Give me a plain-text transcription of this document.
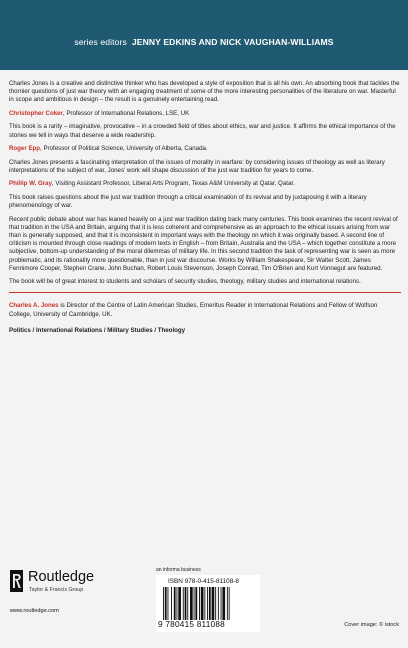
series editors JENNY EDKINS AND NICK VAUGHAN-WILLIAMS

Charles Jones is a creative and distinctive thinker who has developed a style of exposition that is all his own. An absorbing book that tackles the thornier questions of just war theory with an engaging treatment of some of the more interesting personalities of the literature on war. Masterful in scope and ambitious in design – the result is a genuinely entertaining read.

Christopher Coker, Professor of International Relations, LSE, UK

This book is a rarity – imaginative, provocative – in a crowded field of titles about ethics, war and justice. It affirms the ethical importance of the stories we tell in ways that deserve a wide readership.

Roger Epp, Professor of Political Science, University of Alberta, Canada.

Charles Jones presents a fascinating interpretation of the issues of morality in warfare: by considering issues of theology as well as literary interpretations of the subject of war, Jones' work will shape discussion of the just war tradition for years to come.

Phillip W. Gray, Visiting Assistant Professor, Liberal Arts Program, Texas A&M University at Qatar, Qatar.

This book raises questions about the just war tradition through a critical examination of its revival and by juxtaposing it with a literary phenomenology of war.

Recent public debate about war has leaned heavily on a just war tradition dating back many centuries. This book examines the recent revival of that tradition in the USA and Britain, arguing that it is less coherent and comprehensive as an approach to the ethical issues arising from war than is generally supposed, and that it is inconsistent in important ways with the theology on which it was originally based. A second line of criticism is mounted through close readings of modern texts in English – from Britain, Australia and the USA – which together constitute a more subjective, bottom-up understanding of the moral dilemmas of military life. In this second tradition the task of representing war is seen as more problematic, and its rationality more questionable, than in just war discourse. Works by William Shakespeare, Sir Walter Scott, James Fennimore Cooper, Stephen Crane, John Buchan, Robert Louis Stevenson, Joseph Conrad, Tim O'Brien and Kurt Vonnegut are featured.

The book will be of great interest to students and scholars of security studies, theology, military studies and international relations.

Charles A. Jones is Director of the Centre of Latin American Studies, Emeritus Reader in International Relations and Fellow of Wolfson College, University of Cambridge, UK.

Politics / International Relations / Military Studies / Theology

Routledge
Taylor & Francis Group
www.routledge.com
an informa business
ISBN 978-0-415-81108-8
9 780415 811088	Cover image: © istock
